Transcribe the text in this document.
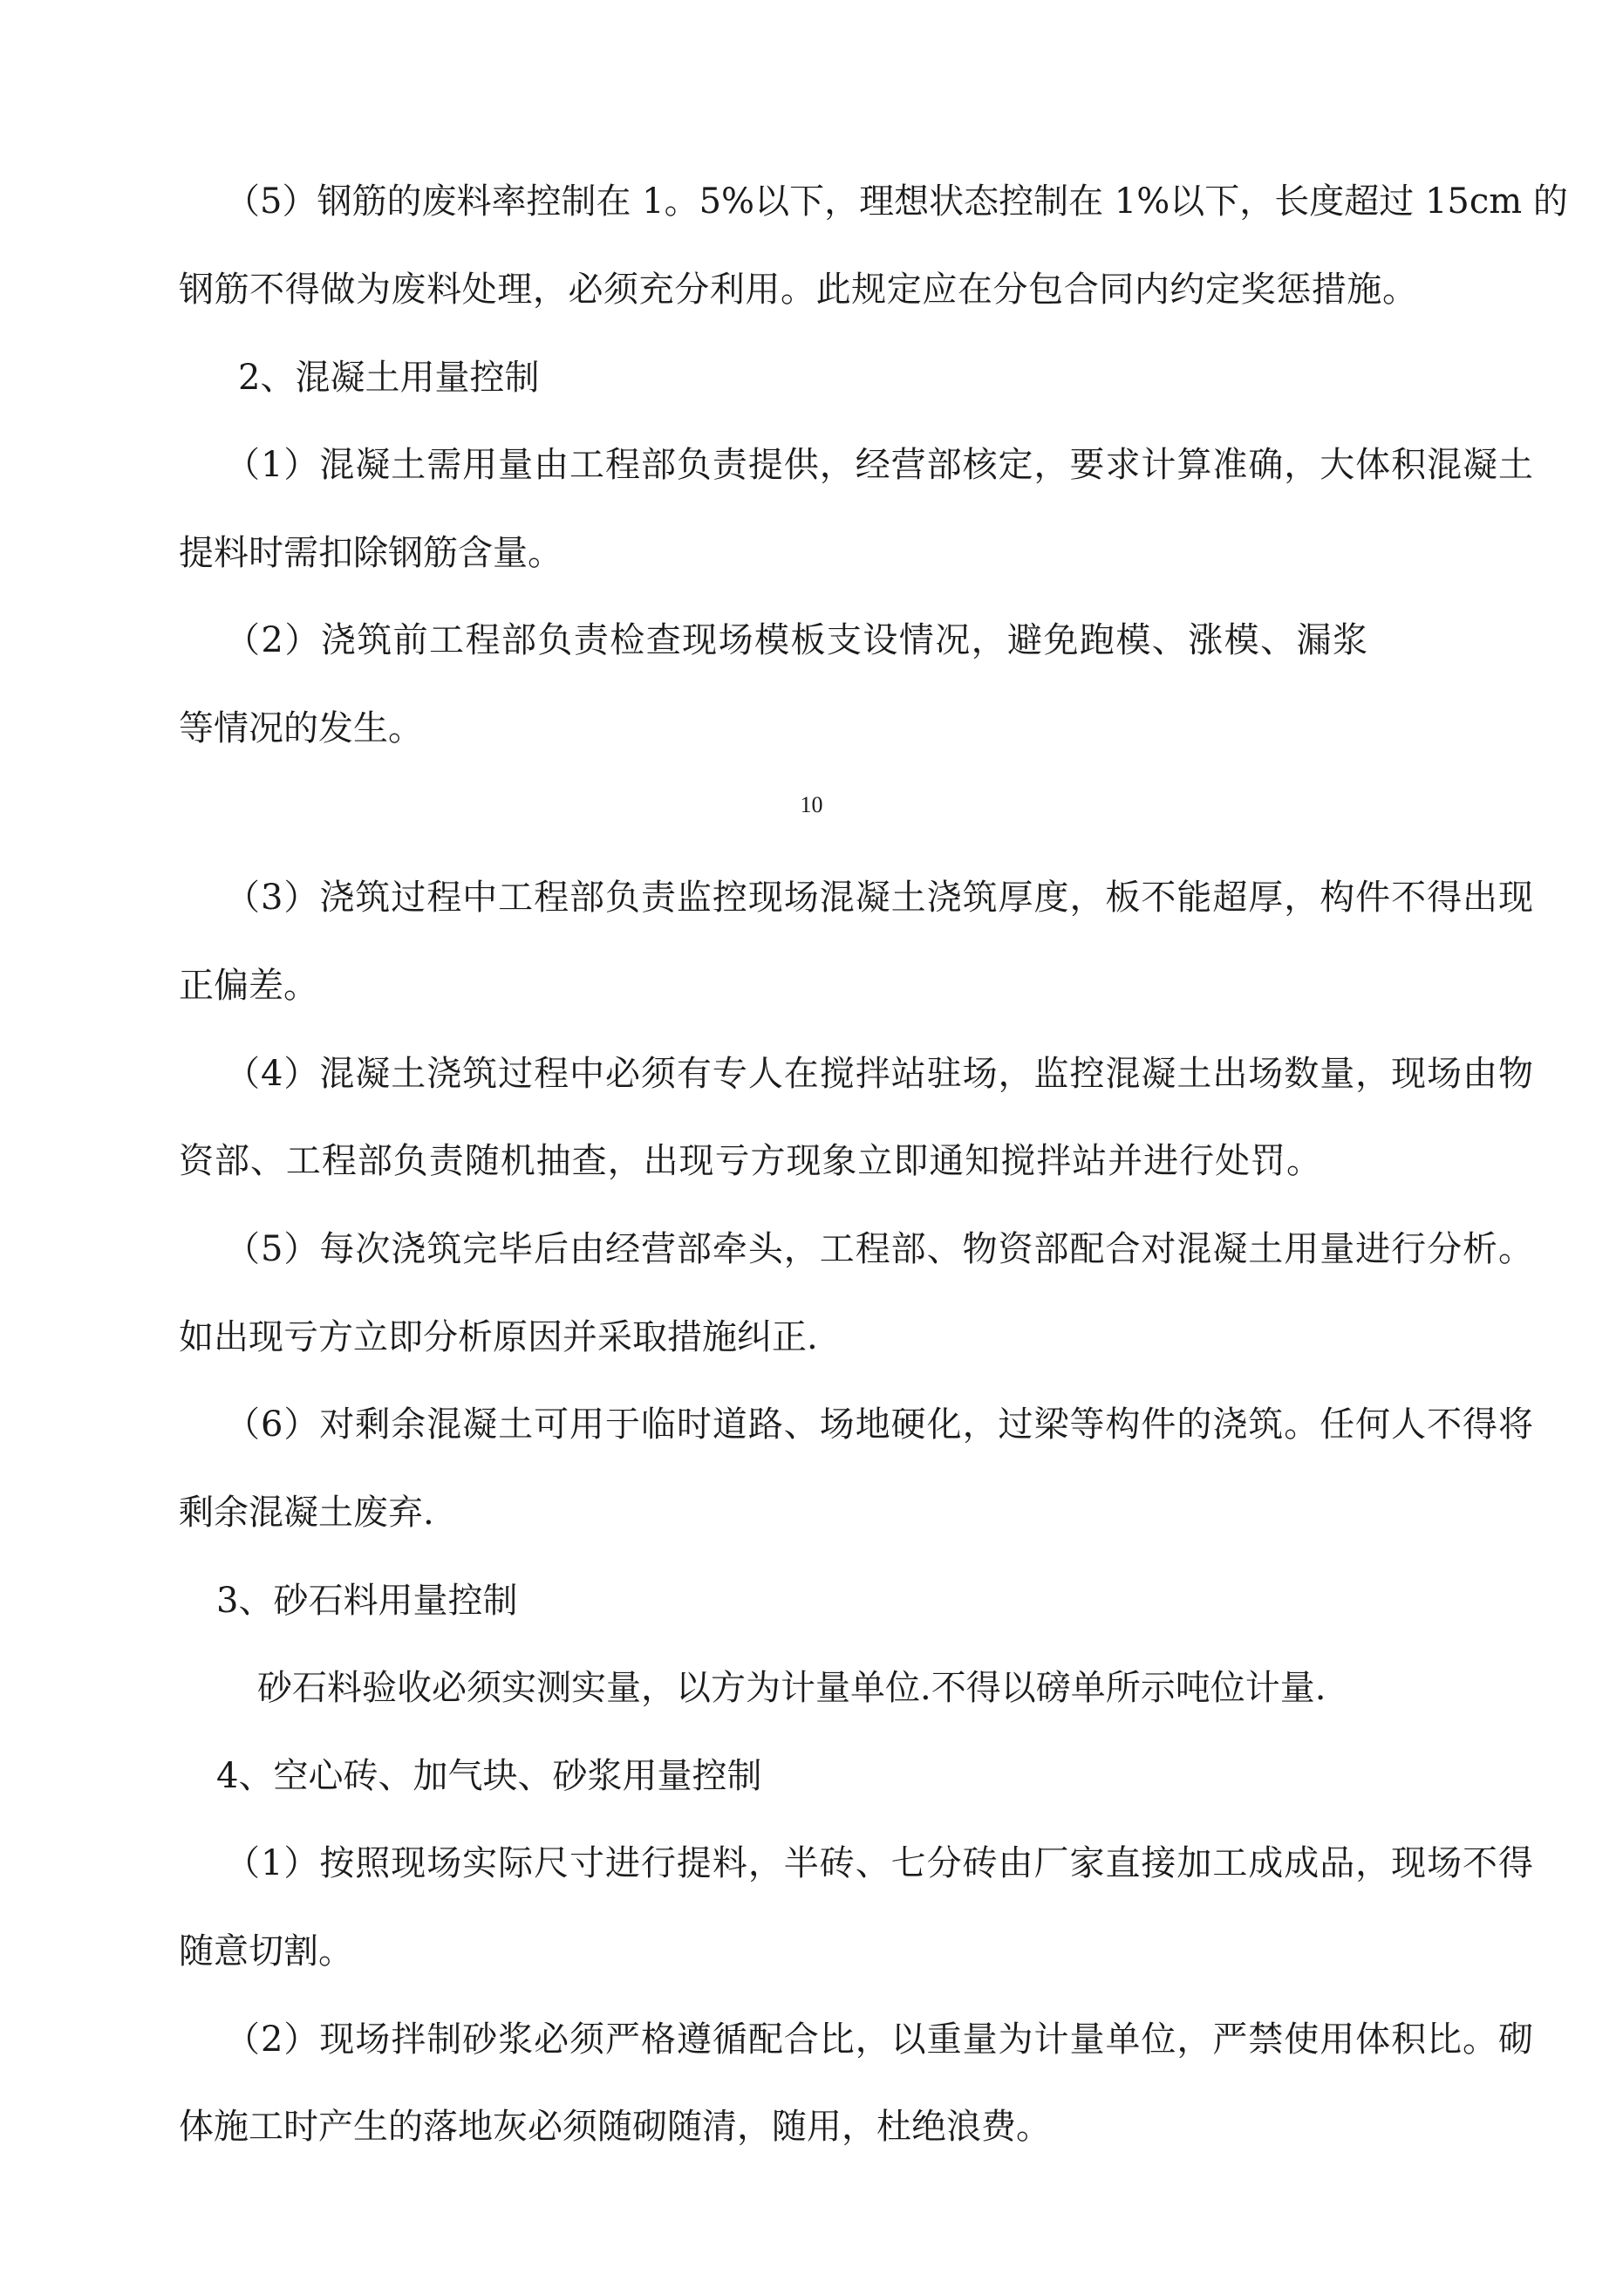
（5）钢筋的废料率控制在 1。5%以下，理想状态控制在 1%以下，长度超过 15cm 的
钢筋不得做为废料处理，必须充分利用。此规定应在分包合同内约定奖惩措施。
2、混凝土用量控制
（1）混凝土需用量由工程部负责提供，经营部核定，要求计算准确，大体积混凝土
提料时需扣除钢筋含量。
（2）浇筑前工程部负责检查现场模板支设情况，避免跑模、涨模、漏浆
等情况的发生。
10
（3）浇筑过程中工程部负责监控现场混凝土浇筑厚度，板不能超厚，构件不得出现
正偏差。
（4）混凝土浇筑过程中必须有专人在搅拌站驻场，监控混凝土出场数量，现场由物
资部、工程部负责随机抽查，出现亏方现象立即通知搅拌站并进行处罚。
（5）每次浇筑完毕后由经营部牵头，工程部、物资部配合对混凝土用量进行分析。
如出现亏方立即分析原因并采取措施纠正.
（6）对剩余混凝土可用于临时道路、场地硬化，过梁等构件的浇筑。任何人不得将
剩余混凝土废弃.
3、砂石料用量控制
砂石料验收必须实测实量，以方为计量单位.不得以磅单所示吨位计量.
4、空心砖、加气块、砂浆用量控制
（1）按照现场实际尺寸进行提料，半砖、七分砖由厂家直接加工成成品，现场不得
随意切割。
（2）现场拌制砂浆必须严格遵循配合比，以重量为计量单位，严禁使用体积比。砌
体施工时产生的落地灰必须随砌随清，随用，杜绝浪费。
